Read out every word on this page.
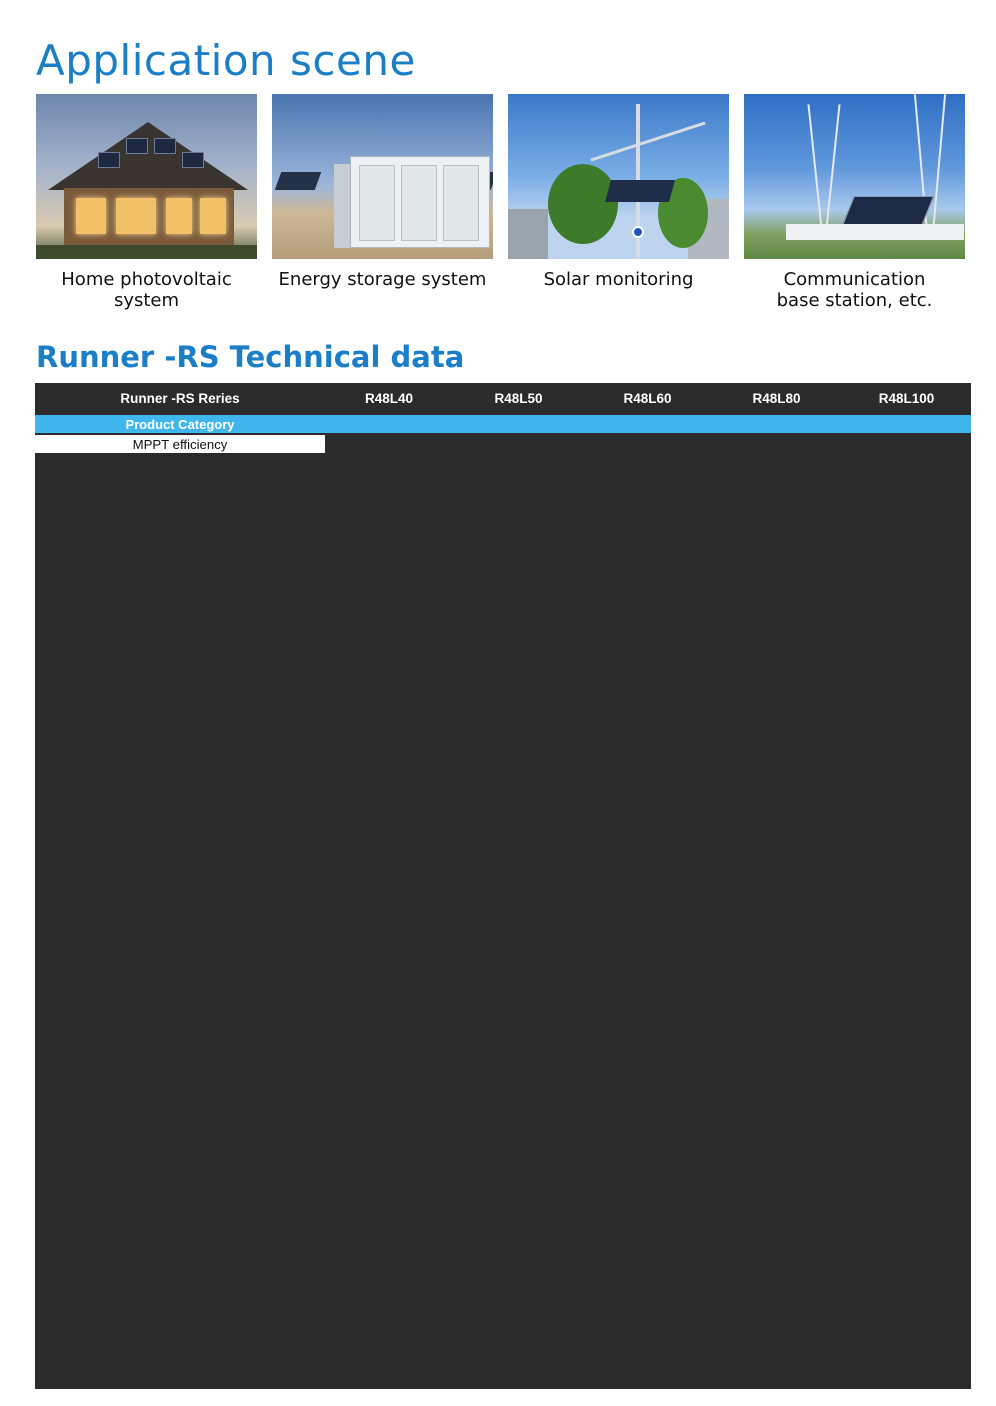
Application scene
Home photovoltaic system
Energy storage system	Solar monitoring	Communication base station, etc.
Runner -RS Technical data
Runner -RS Reries	R48L40	R48L50	R48L60	R48L80	R48L100
Product Category
MPPT efficiency
